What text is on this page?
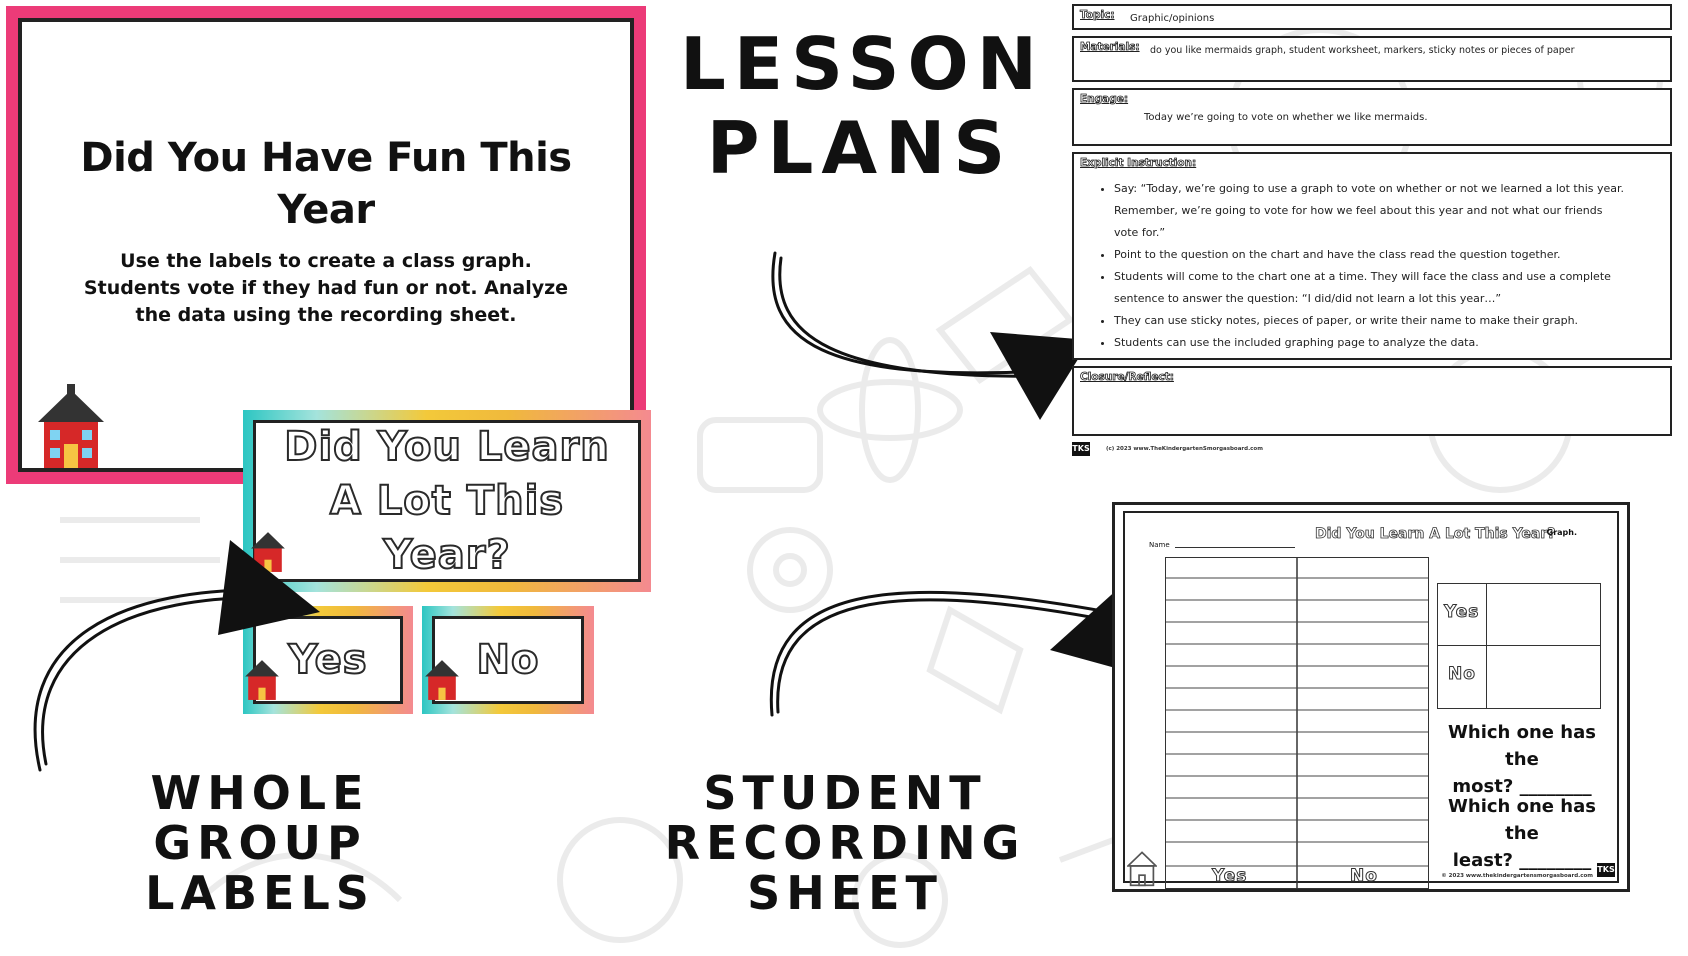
Did You Have Fun This Year

Use the labels to create a class graph. Students vote if they had fun or not. Analyze the data using the recording sheet.

Did You Learn A Lot This Year?
Yes	No
LESSON
PLANS
WHOLE GROUP
LABELS
STUDENT
RECORDING SHEET
Topic: Graphic/opinions
Materials: do you like mermaids graph, student worksheet, markers, sticky notes or pieces of paper
Engage:
Today we’re going to vote on whether we like mermaids.
Explicit Instruction:
• Say: “Today, we’re going to use a graph to vote on whether or not we learned a lot this year.
Remember, we’re going to vote for how we feel about this year and not what our friends
vote for.”
• Point to the question on the chart and have the class read the question together.
• Students will come to the chart one at a time. They will face the class and use a complete
sentence to answer the question: “I did/did not learn a lot this year…”
• They can use sticky notes, pieces of paper, or write their name to make their graph.
• Students can use the included graphing page to analyze the data.
Closure/Reflect:
TKS	(c) 2023 www.TheKindergartenSmorgasboard.com
Did You Learn A Lot This Year?
Graph.
Name
Yes	No
Yes
No
Which one has the
most? ________
Which one has the
least? ________ TKS
© 2023 www.thekindergartensmorgasboard.com
